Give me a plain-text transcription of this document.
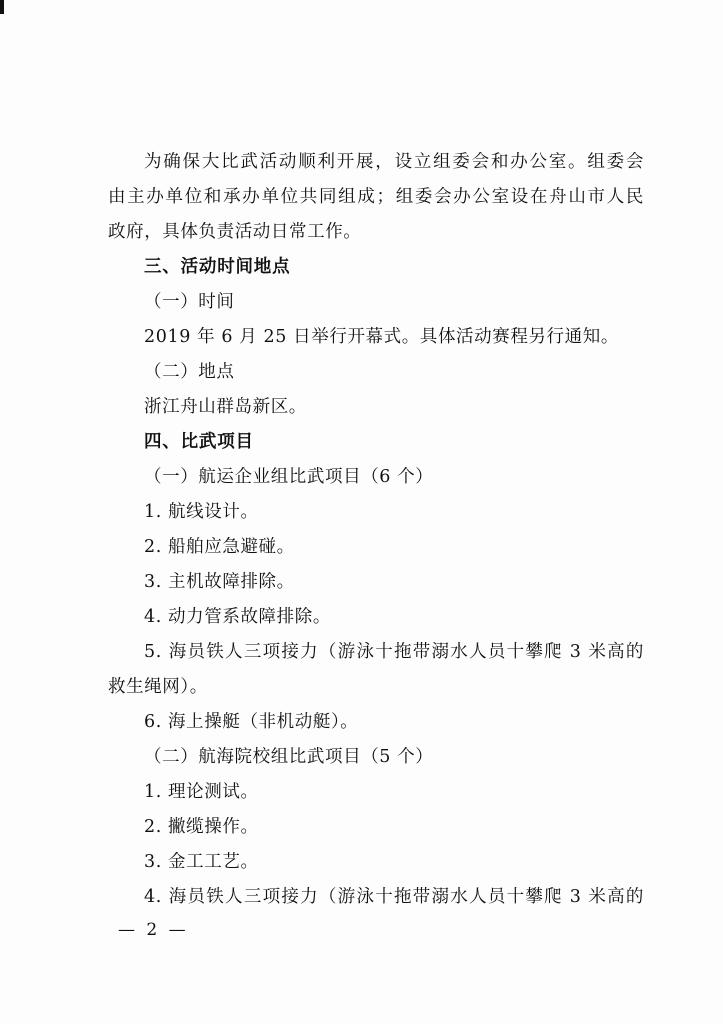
为确保大比武活动顺利开展，设立组委会和办公室。组委会
由主办单位和承办单位共同组成；组委会办公室设在舟山市人民
政府，具体负责活动日常工作。
三、活动时间地点
（一）时间
2019 年 6 月 25 日举行开幕式。具体活动赛程另行通知。
（二）地点
浙江舟山群岛新区。
四、比武项目
（一）航运企业组比武项目（6 个）
1. 航线设计。
2. 船舶应急避碰。
3. 主机故障排除。
4. 动力管系故障排除。
5. 海员铁人三项接力（游泳十拖带溺水人员十攀爬 3 米高的
救生绳网）。
6. 海上操艇（非机动艇）。
（二）航海院校组比武项目（5 个）
1. 理论测试。
2. 撇缆操作。
3. 金工工艺。
4. 海员铁人三项接力（游泳十拖带溺水人员十攀爬 3 米高的
— 2 —
